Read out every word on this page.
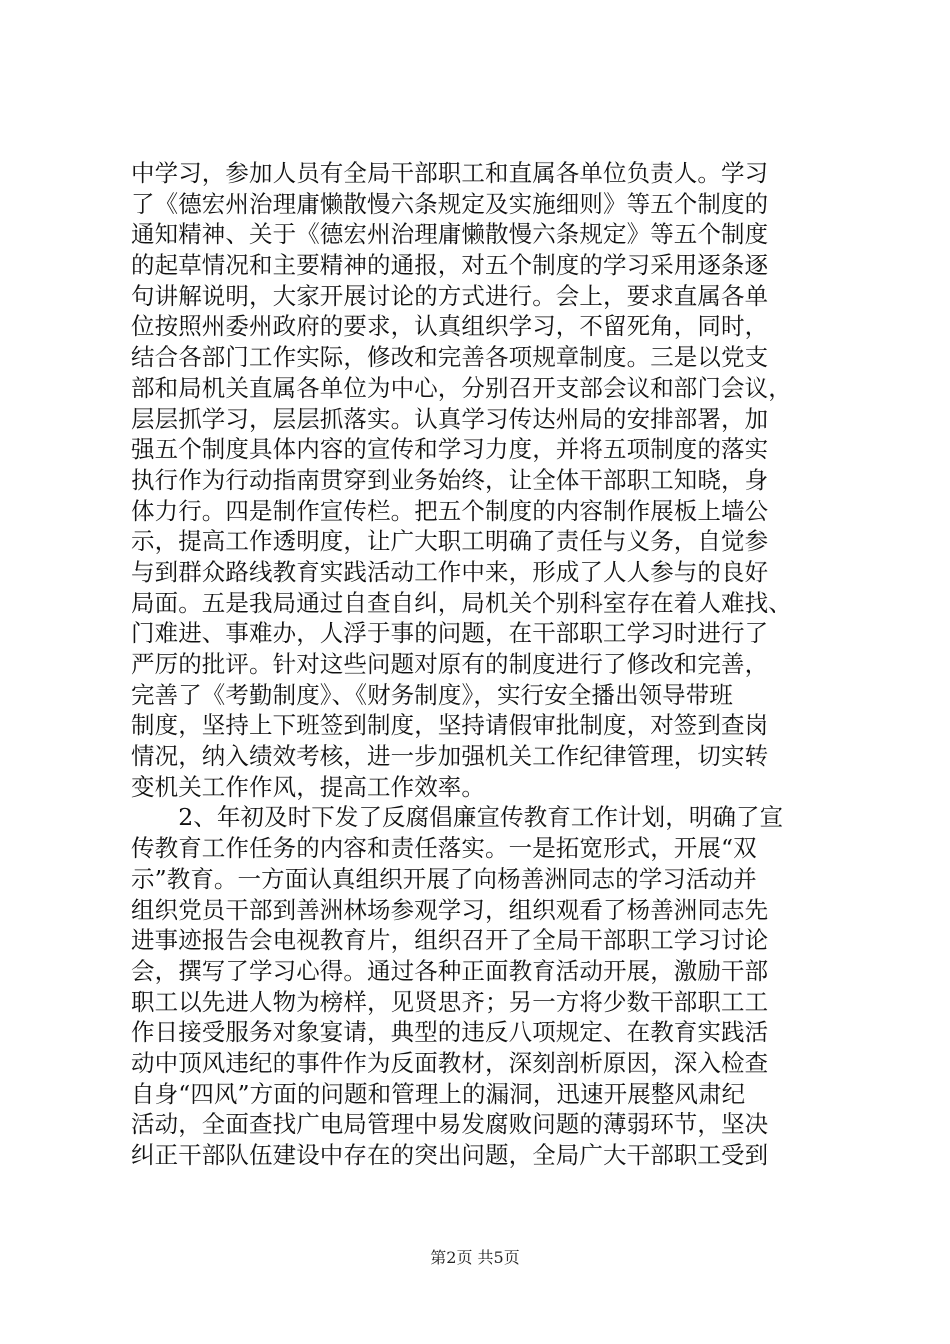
中学习，参加人员有全局干部职工和直属各单位负责人。学习
了《德宏州治理庸懒散慢六条规定及实施细则》等五个制度的
通知精神、关于《德宏州治理庸懒散慢六条规定》等五个制度
的起草情况和主要精神的通报，对五个制度的学习采用逐条逐
句讲解说明，大家开展讨论的方式进行。会上，要求直属各单
位按照州委州政府的要求，认真组织学习，不留死角，同时，
结合各部门工作实际，修改和完善各项规章制度。三是以党支
部和局机关直属各单位为中心，分别召开支部会议和部门会议，
层层抓学习，层层抓落实。认真学习传达州局的安排部署，加
强五个制度具体内容的宣传和学习力度，并将五项制度的落实
执行作为行动指南贯穿到业务始终，让全体干部职工知晓，身
体力行。四是制作宣传栏。把五个制度的内容制作展板上墙公
示，提高工作透明度，让广大职工明确了责任与义务，自觉参
与到群众路线教育实践活动工作中来，形成了人人参与的良好
局面。五是我局通过自查自纠，局机关个别科室存在着人难找、
门难进、事难办，人浮于事的问题，在干部职工学习时进行了
严厉的批评。针对这些问题对原有的制度进行了修改和完善，
完善了《考勤制度》、《财务制度》，实行安全播出领导带班
制度，坚持上下班签到制度，坚持请假审批制度，对签到查岗
情况，纳入绩效考核，进一步加强机关工作纪律管理，切实转
变机关工作作风，提高工作效率。
　　2、年初及时下发了反腐倡廉宣传教育工作计划，明确了宣
传教育工作任务的内容和责任落实。一是拓宽形式，开展“双
示”教育。一方面认真组织开展了向杨善洲同志的学习活动并
组织党员干部到善洲林场参观学习，组织观看了杨善洲同志先
进事迹报告会电视教育片，组织召开了全局干部职工学习讨论
会，撰写了学习心得。通过各种正面教育活动开展，激励干部
职工以先进人物为榜样，见贤思齐；另一方将少数干部职工工
作日接受服务对象宴请，典型的违反八项规定、在教育实践活
动中顶风违纪的事件作为反面教材，深刻剖析原因，深入检查
自身“四风”方面的问题和管理上的漏洞，迅速开展整风肃纪
活动，全面查找广电局管理中易发腐败问题的薄弱环节，坚决
纠正干部队伍建设中存在的突出问题，全局广大干部职工受到
第2页 共5页
